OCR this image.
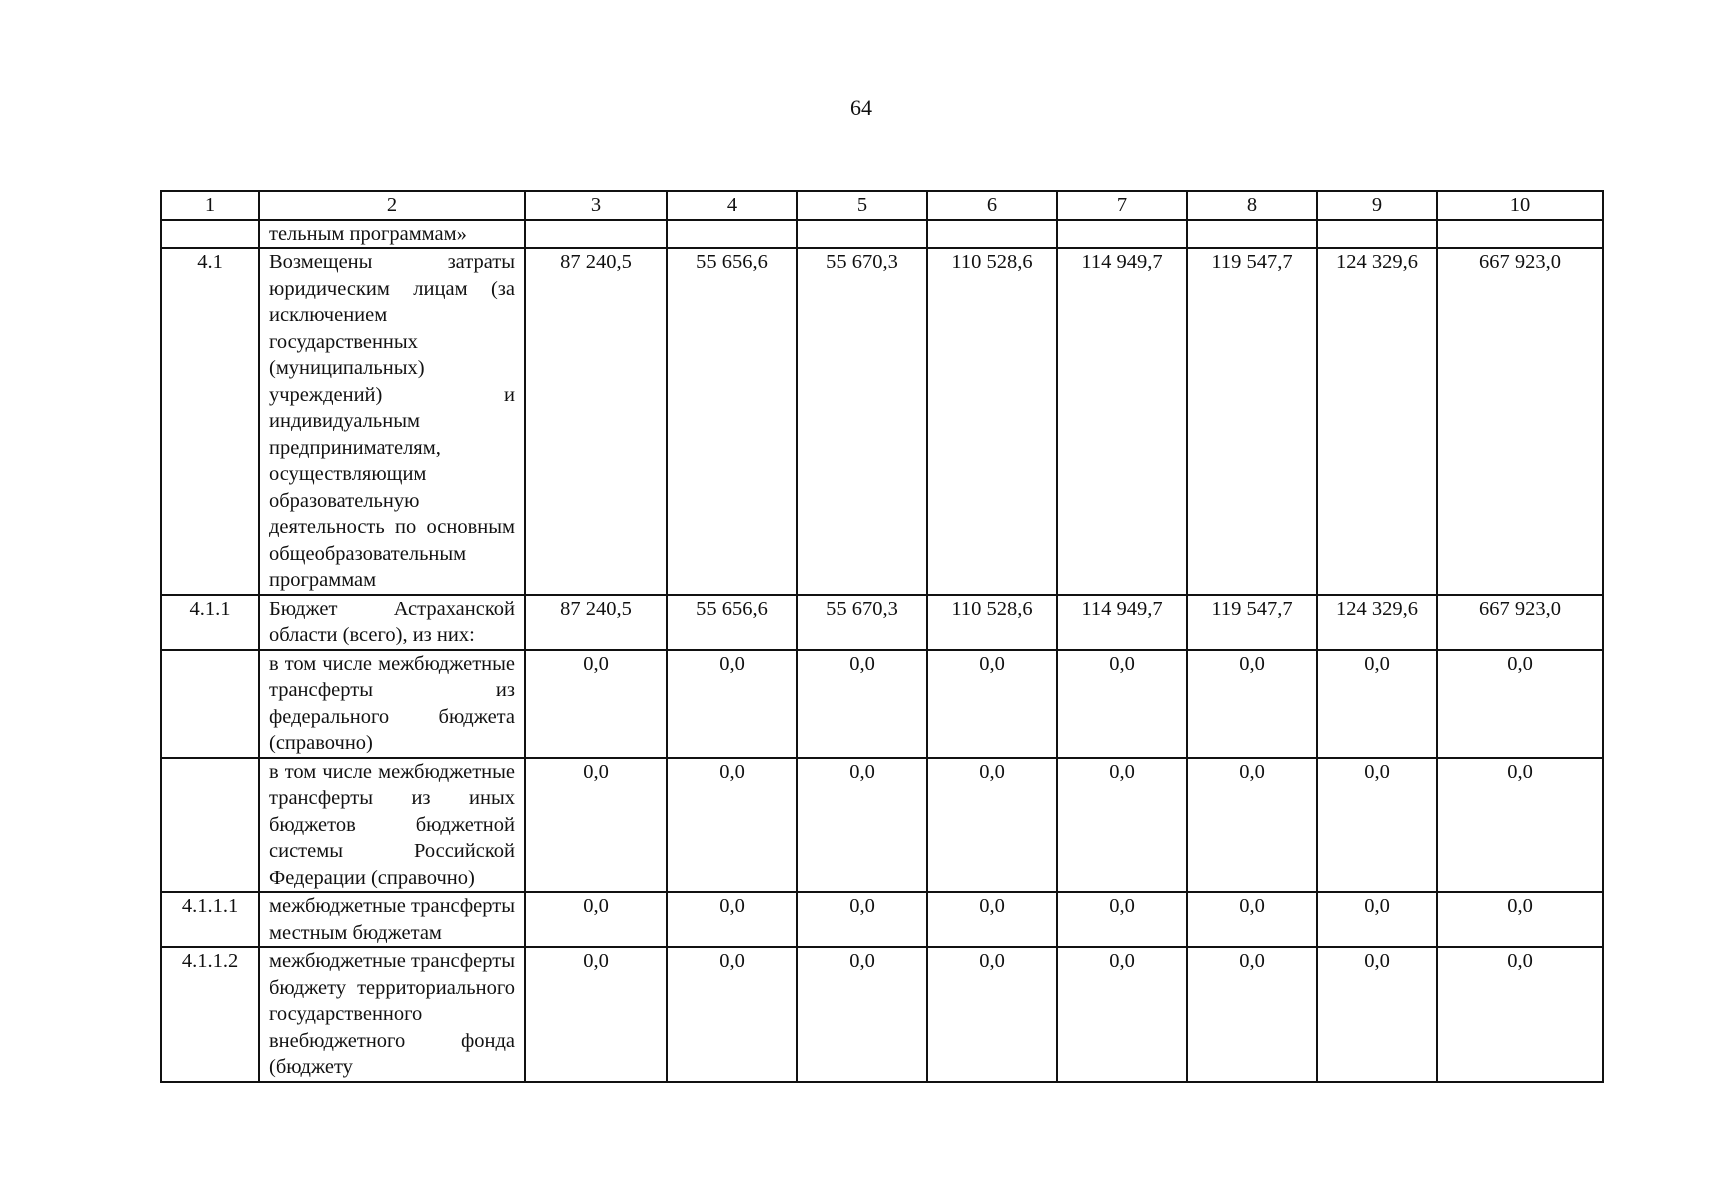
64
1	2	3	4	5	6	7	8	9	10
	тельным программам»								
4.1	Возмещены затраты юридическим лицам (за исключением государственных (муниципальных) учреждений) и индивидуальным предпринимателям, осуществляющим образовательную деятельность по основным общеобразовательным программам	87 240,5	55 656,6	55 670,3	110 528,6	114 949,7	119 547,7	124 329,6	667 923,0
4.1.1	Бюджет Астраханской области (всего), из них:	87 240,5	55 656,6	55 670,3	110 528,6	114 949,7	119 547,7	124 329,6	667 923,0
	в том числе межбюджетные трансферты из федерального бюджета (справочно)	0,0	0,0	0,0	0,0	0,0	0,0	0,0	0,0
	в том числе межбюджетные трансферты из иных бюджетов бюджетной системы Российской Федерации (справочно)	0,0	0,0	0,0	0,0	0,0	0,0	0,0	0,0
4.1.1.1	межбюджетные трансферты местным бюджетам	0,0	0,0	0,0	0,0	0,0	0,0	0,0	0,0
4.1.1.2	межбюджетные трансферты бюджету территориального государственного внебюджетного фонда (бюджету	0,0	0,0	0,0	0,0	0,0	0,0	0,0	0,0
